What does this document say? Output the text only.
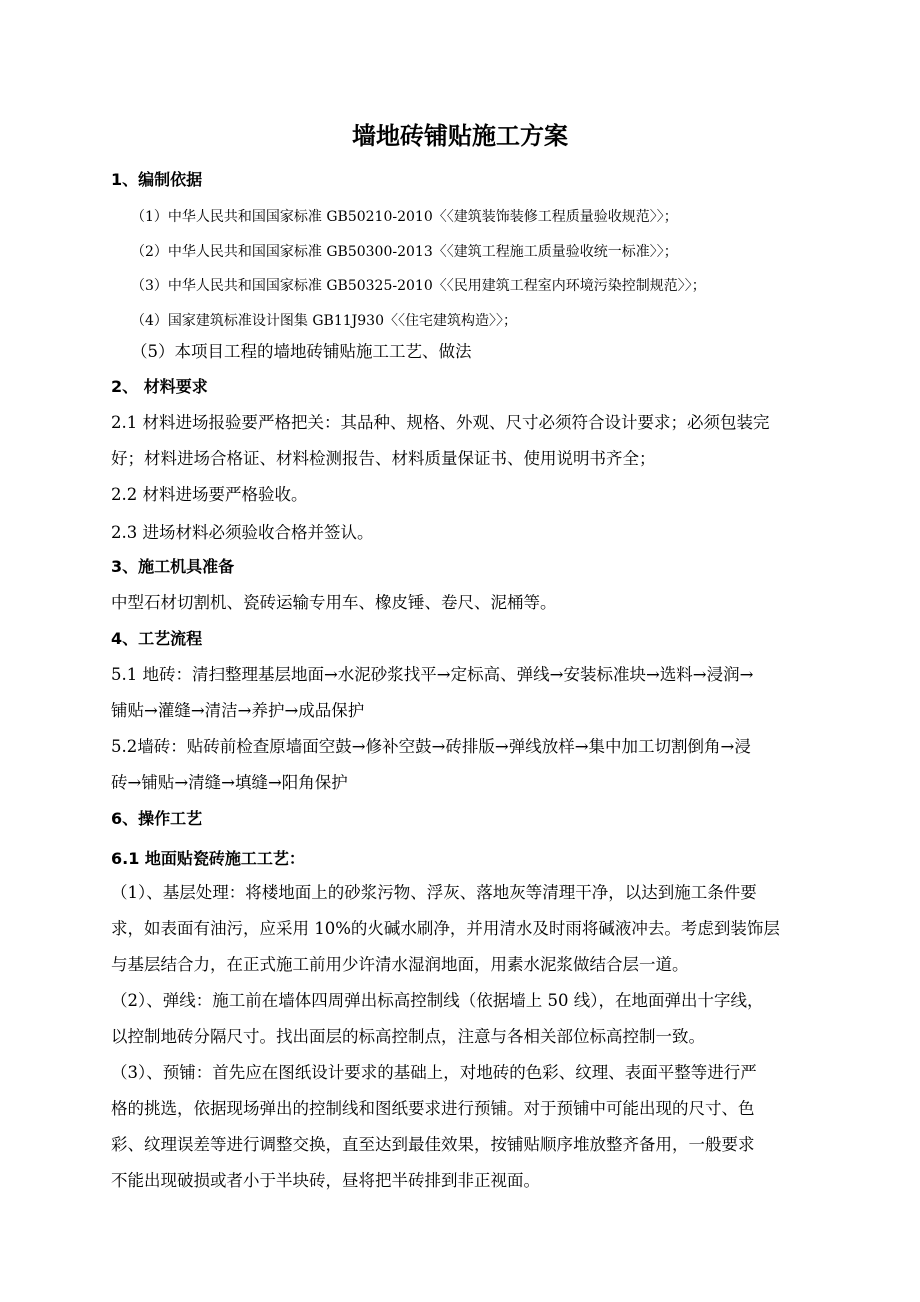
墙地砖铺贴施工方案
1、编制依据
（1）中华人民共和国国家标准 GB50210-2010〈〈建筑装饰装修工程质量验收规范〉〉；
（2）中华人民共和国国家标准 GB50300-2013〈〈建筑工程施工质量验收统一标准〉〉；
（3）中华人民共和国国家标准 GB50325-2010〈〈民用建筑工程室内环境污染控制规范〉〉；
（4）国家建筑标准设计图集 GB11J930〈〈住宅建筑构造〉〉；
（5）本项目工程的墙地砖铺贴施工工艺、做法
2、 材料要求
2.1 材料进场报验要严格把关：其品种、规格、外观、尺寸必须符合设计要求；必须包装完
好；材料进场合格证、材料检测报告、材料质量保证书、使用说明书齐全；
2.2 材料进场要严格验收。
2.3 进场材料必须验收合格并签认。
3、施工机具准备
中型石材切割机、瓷砖运输专用车、橡皮锤、卷尺、泥桶等。
4、工艺流程
5.1 地砖：清扫整理基层地面→水泥砂浆找平→定标高、弹线→安装标准块→选料→浸润→
铺贴→灌缝→清洁→养护→成品保护
5.2墙砖：贴砖前检查原墙面空鼓→修补空鼓→砖排版→弹线放样→集中加工切割倒角→浸
砖→铺贴→清缝→填缝→阳角保护
6、操作工艺
6.1 地面贴瓷砖施工工艺：
（1）、基层处理：将楼地面上的砂浆污物、浮灰、落地灰等清理干净，以达到施工条件要
求，如表面有油污，应采用 10%的火碱水刷净，并用清水及时雨将碱液冲去。考虑到装饰层
与基层结合力，在正式施工前用少许清水湿润地面，用素水泥浆做结合层一道。
（2）、弹线：施工前在墙体四周弹出标高控制线（依据墙上 50 线），在地面弹出十字线，
以控制地砖分隔尺寸。找出面层的标高控制点，注意与各相关部位标高控制一致。
（3）、预铺：首先应在图纸设计要求的基础上，对地砖的色彩、纹理、表面平整等进行严
格的挑选，依据现场弹出的控制线和图纸要求进行预铺。对于预铺中可能出现的尺寸、色
彩、纹理误差等进行调整交换，直至达到最佳效果，按铺贴顺序堆放整齐备用，一般要求
不能出现破损或者小于半块砖，昼将把半砖排到非正视面。
